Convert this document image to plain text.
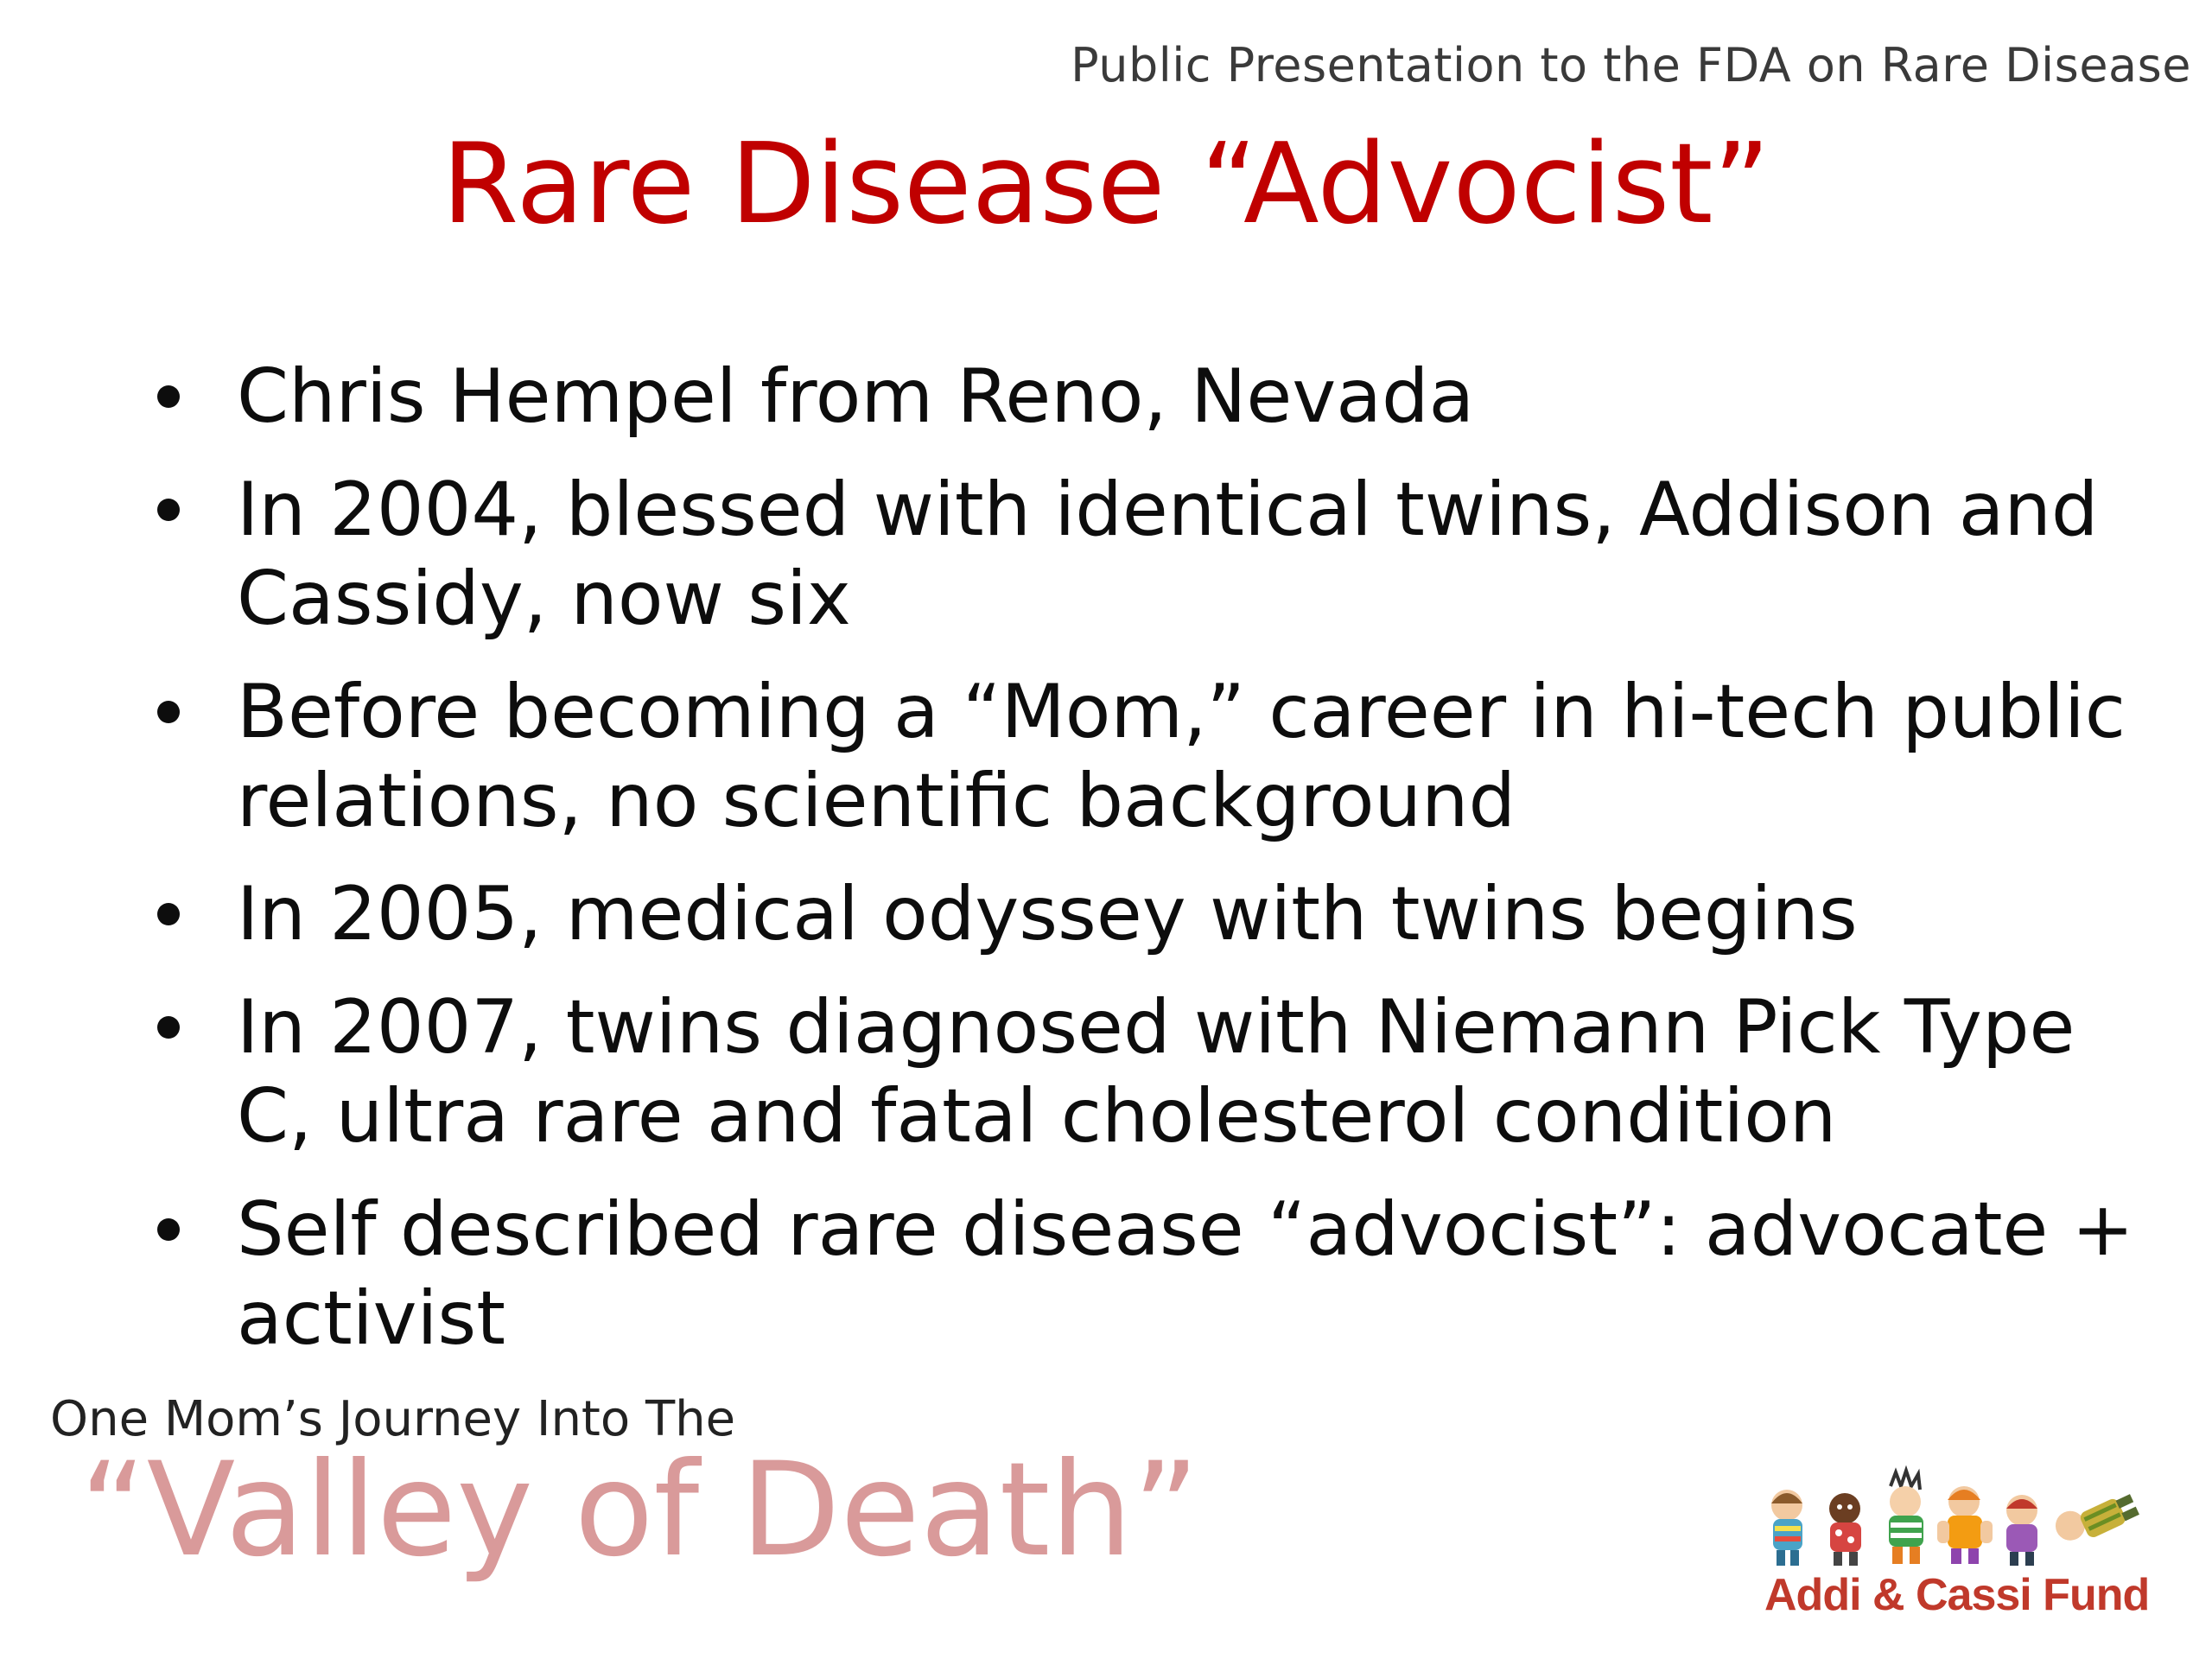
Public Presentation to the FDA on Rare Disease
Rare Disease “Advocist”
Chris Hempel from Reno, Nevada
In 2004, blessed with identical twins, Addison and Cassidy, now six
Before becoming a “Mom,” career in hi-tech public relations, no scientific background
In 2005, medical odyssey with twins begins
In 2007, twins diagnosed with Niemann Pick Type C, ultra rare and fatal cholesterol condition
Self described rare disease “advocist”: advocate + activist
One Mom’s Journey Into The
“Valley of Death”
Addi & Cassi Fund
